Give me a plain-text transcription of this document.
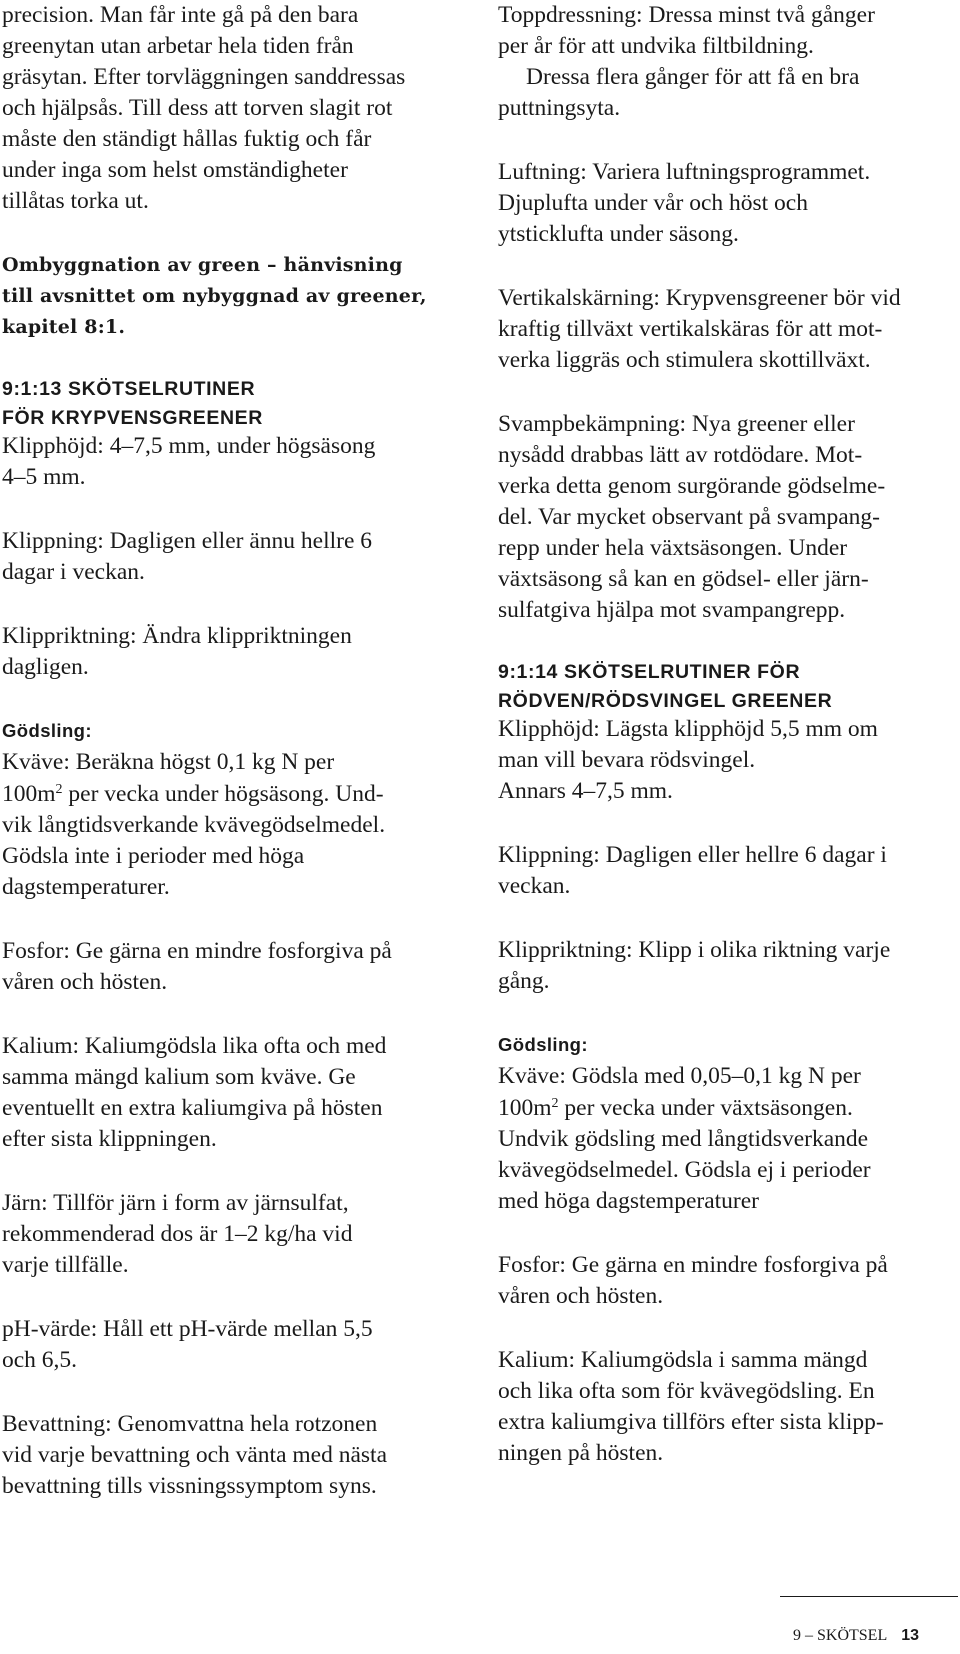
precision. Man får inte gå på den bara
greenytan utan arbetar hela tiden från
gräsytan. Efter torvläggningen sanddressas
och hjälpsås. Till dess att torven slagit rot
måste den ständigt hållas fuktig och får
under inga som helst omständigheter
tillåtas torka ut.
Ombyggnation av green – hänvisning
till avsnittet om nybyggnad av greener,
kapitel 8:1.
9:1:13 SKÖTSELRUTINER
FÖR KRYPVENSGREENER
Klipphöjd: 4–7,5 mm, under högsäsong
4–5 mm.
Klippning: Dagligen eller ännu hellre 6
dagar i veckan.
Klippriktning: Ändra klippriktningen
dagligen.
Gödsling:
Kväve: Beräkna högst 0,1 kg N per
$100m^2$ per vecka under högsäsong. Und-
vik långtidsverkande kvävegödselmedel.
Gödsla inte i perioder med höga
dagstemperaturer.
Fosfor: Ge gärna en mindre fosforgiva på
våren och hösten.
Kalium: Kaliumgödsla lika ofta och med
samma mängd kalium som kväve. Ge
eventuellt en extra kaliumgiva på hösten
efter sista klippningen.
Järn: Tillför järn i form av järnsulfat,
rekommenderad dos är 1–2 kg/ha vid
varje tillfälle.
pH-värde: Håll ett pH-värde mellan 5,5
och 6,5.
Bevattning: Genomvattna hela rotzonen
vid varje bevattning och vänta med nästa
bevattning tills vissningssymptom syns.
Toppdressning: Dressa minst två gånger
per år för att undvika filtbildning.
Dressa flera gånger för att få en bra
puttningsyta.
Luftning: Variera luftningsprogrammet.
Djuplufta under vår och höst och
ytsticklufta under säsong.
Vertikalskärning: Krypvensgreener bör vid
kraftig tillväxt vertikalskäras för att mot-
verka liggräs och stimulera skottillväxt.
Svampbekämpning: Nya greener eller
nysådd drabbas lätt av rotdödare. Mot-
verka detta genom surgörande gödselme-
del. Var mycket observant på svampang-
repp under hela växtsäsongen. Under
växtsäsong så kan en gödsel- eller järn-
sulfatgiva hjälpa mot svampangrepp.
9:1:14 SKÖTSELRUTINER FÖR
RÖDVEN/RÖDSVINGEL GREENER
Klipphöjd: Lägsta klipphöjd 5,5 mm om
man vill bevara rödsvingel.
Annars 4–7,5 mm.
Klippning: Dagligen eller hellre 6 dagar i
veckan.
Klippriktning: Klipp i olika riktning varje
gång.
Gödsling:
Kväve: Gödsla med 0,05–0,1 kg N per
$100m^2$ per vecka under växtsäsongen.
Undvik gödsling med långtidsverkande
kvävegödselmedel. Gödsla ej i perioder
med höga dagstemperaturer
Fosfor: Ge gärna en mindre fosforgiva på
våren och hösten.
Kalium: Kaliumgödsla i samma mängd
och lika ofta som för kvävegödsling. En
extra kaliumgiva tillförs efter sista klipp-
ningen på hösten.
9 – SKÖTSEL 13
